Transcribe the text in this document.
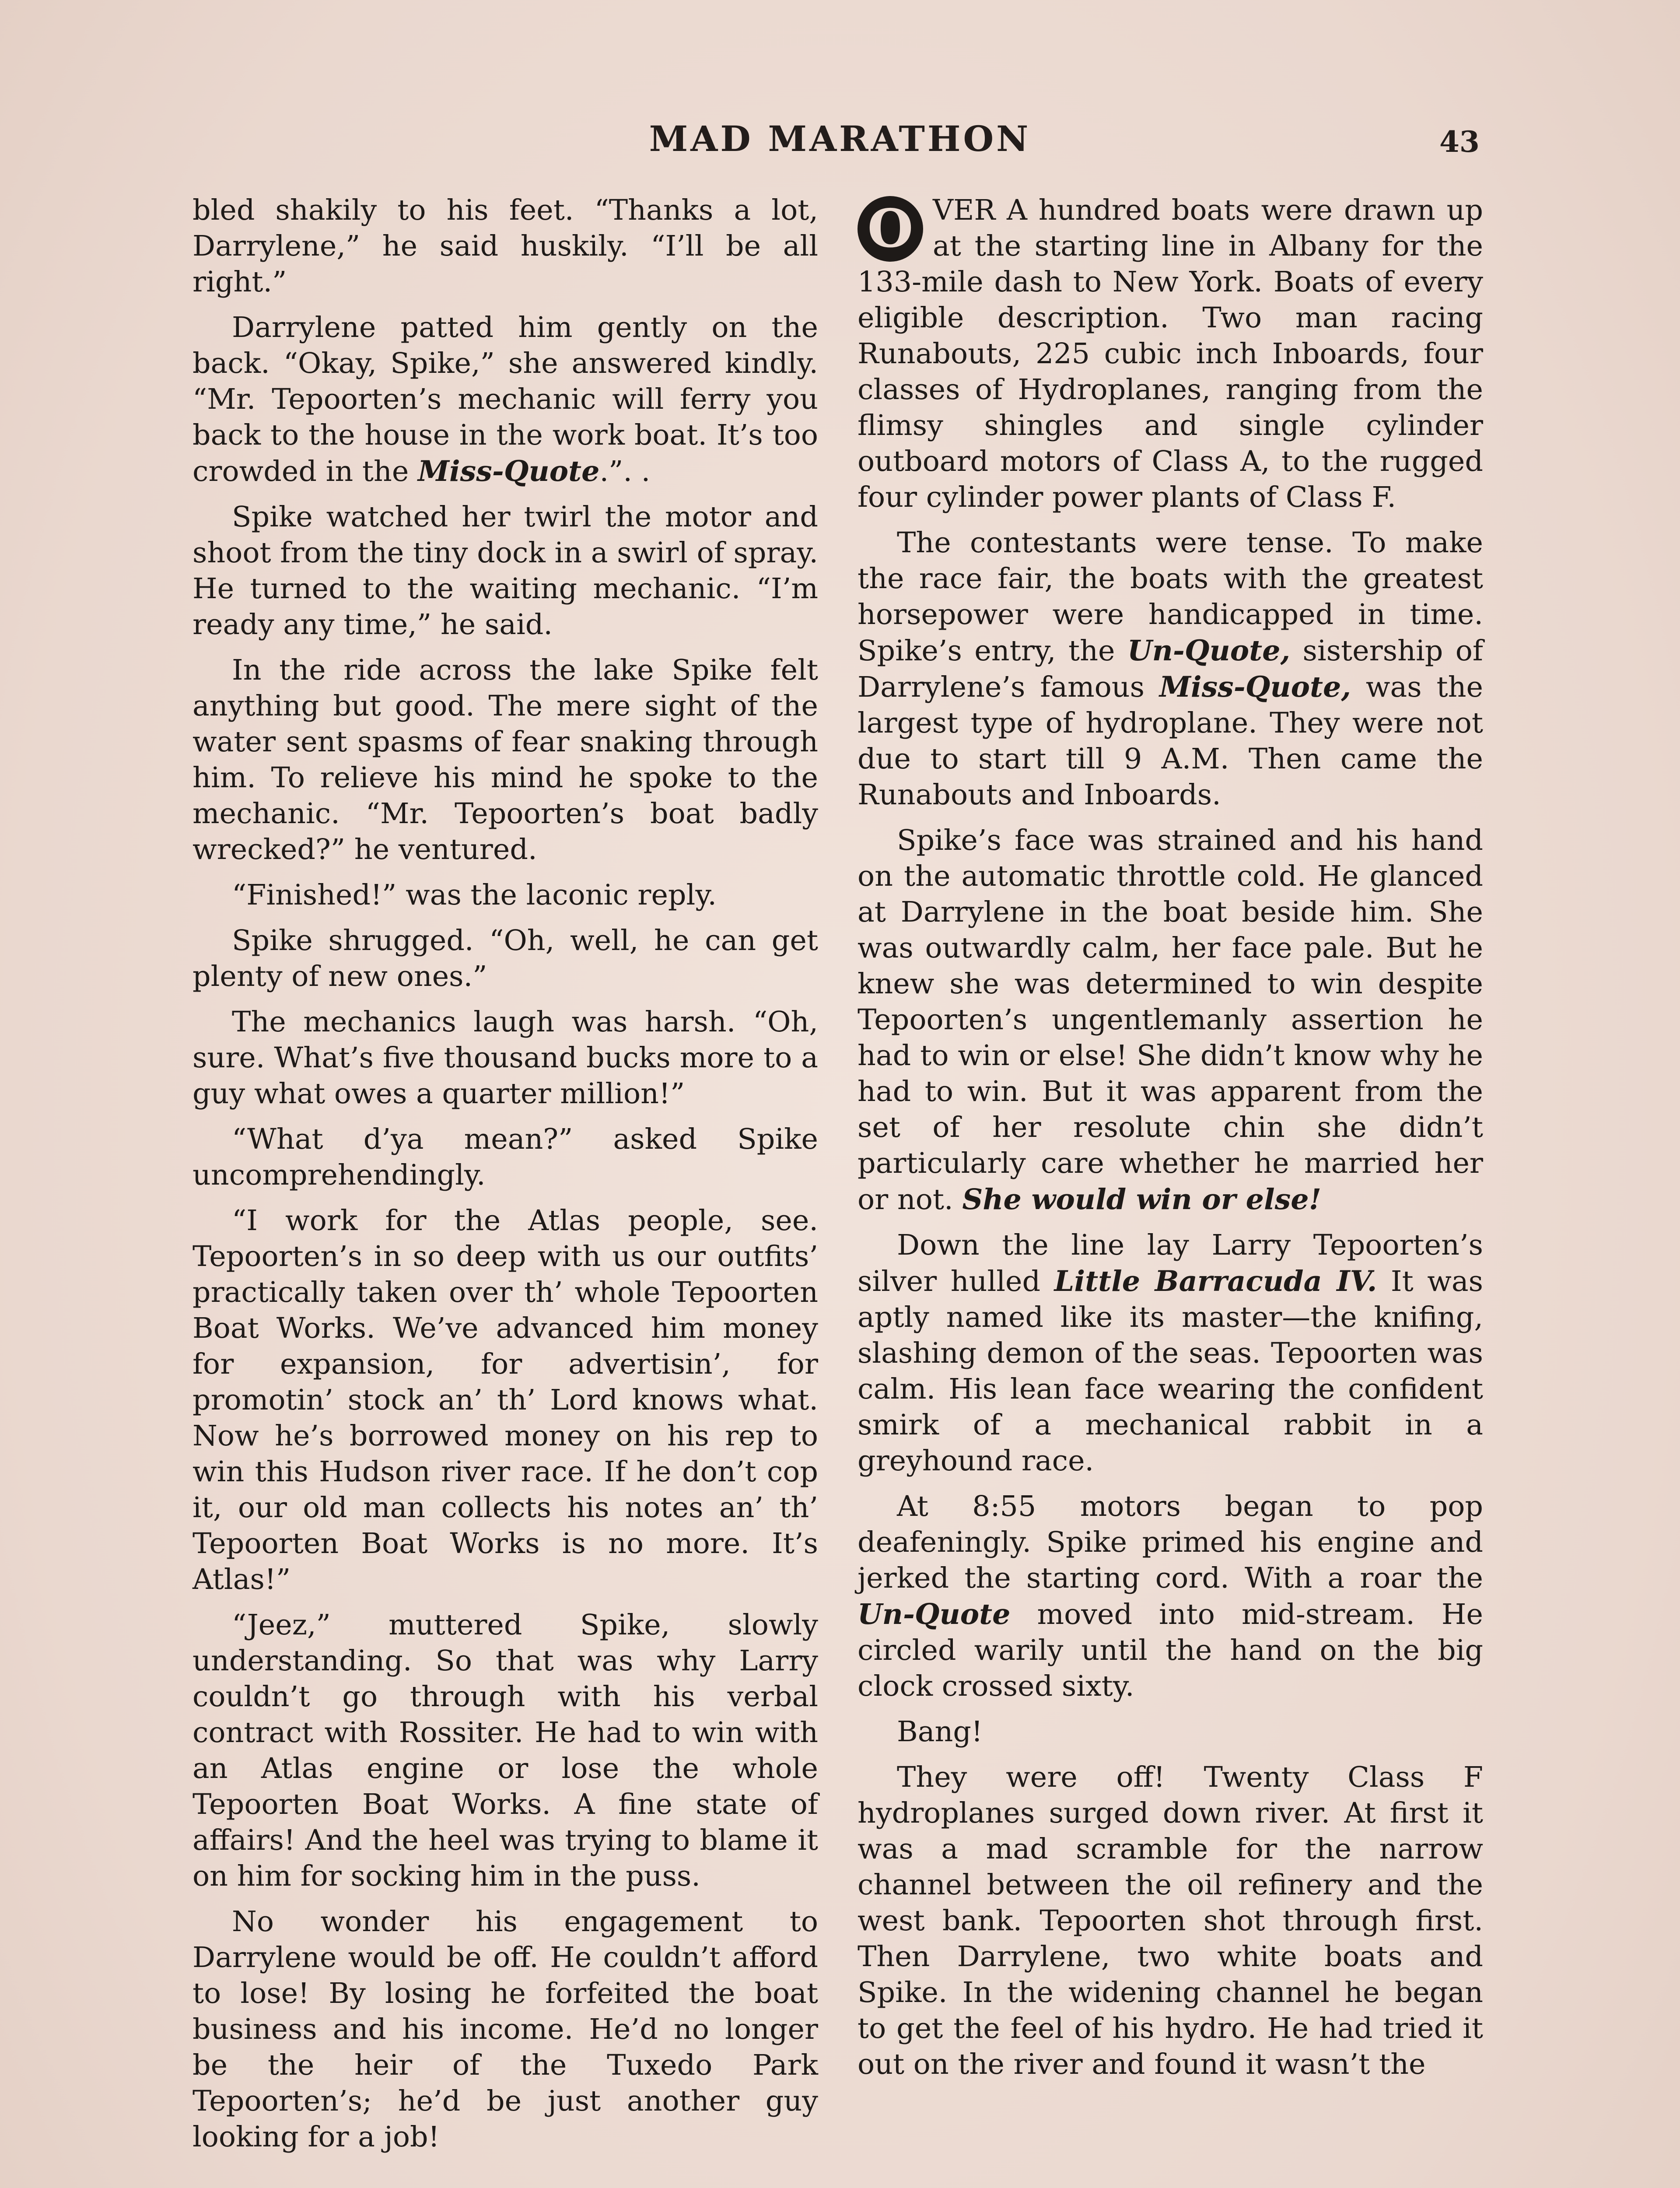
MAD MARATHON	43

bled shakily to his feet. “Thanks a lot, Darrylene,” he said huskily. “I’ll be all right.”

Darrylene patted him gently on the back. “Okay, Spike,” she answered kindly. “Mr. Tepoorten’s mechanic will ferry you back to the house in the work boat. It’s too crowded in the Miss-Quote.”. .

Spike watched her twirl the motor and shoot from the tiny dock in a swirl of spray. He turned to the waiting mechanic. “I’m ready any time,” he said.

In the ride across the lake Spike felt anything but good. The mere sight of the water sent spasms of fear snaking through him. To relieve his mind he spoke to the mechanic. “Mr. Tepoorten’s boat badly wrecked?” he ventured.

“Finished!” was the laconic reply.

Spike shrugged. “Oh, well, he can get plenty of new ones.”

The mechanics laugh was harsh. “Oh, sure. What’s five thousand bucks more to a guy what owes a quarter million!”

“What d’ya mean?” asked Spike uncomprehendingly.

“I work for the Atlas people, see. Tepoorten’s in so deep with us our outfits’ practically taken over th’ whole Tepoorten Boat Works. We’ve advanced him money for expansion, for advertisin’, for promotin’ stock an’ th’ Lord knows what. Now he’s borrowed money on his rep to win this Hudson river race. If he don’t cop it, our old man collects his notes an’ th’ Tepoorten Boat Works is no more. It’s Atlas!”

“Jeez,” muttered Spike, slowly understanding. So that was why Larry couldn’t go through with his verbal contract with Rossiter. He had to win with an Atlas engine or lose the whole Tepoorten Boat Works. A fine state of affairs! And the heel was trying to blame it on him for socking him in the puss.

No wonder his engagement to Darrylene would be off. He couldn’t afford to lose! By losing he forfeited the boat business and his income. He’d no longer be the heir of the Tuxedo Park Tepoorten’s; he’d be just another guy looking for a job!

O VER A hundred boats were drawn up at the starting line in Albany for the 133-mile dash to New York. Boats of every eligible description. Two man racing Runabouts, 225 cubic inch Inboards, four classes of Hydroplanes, ranging from the flimsy shingles and single cylinder outboard motors of Class A, to the rugged four cylinder power plants of Class F.

The contestants were tense. To make the race fair, the boats with the greatest horsepower were handicapped in time. Spike’s entry, the Un-Quote, sistership of Darrylene’s famous Miss-Quote, was the largest type of hydroplane. They were not due to start till 9 A.M. Then came the Runabouts and Inboards.

Spike’s face was strained and his hand on the automatic throttle cold. He glanced at Darrylene in the boat beside him. She was outwardly calm, her face pale. But he knew she was determined to win despite Tepoorten’s ungentlemanly assertion he had to win or else! She didn’t know why he had to win. But it was apparent from the set of her resolute chin she didn’t particularly care whether he married her or not. She would win or else!

Down the line lay Larry Tepoorten’s silver hulled Little Barracuda IV. It was aptly named like its master—the knifing, slashing demon of the seas. Tepoorten was calm. His lean face wearing the confident smirk of a mechanical rabbit in a greyhound race.

At 8:55 motors began to pop deafeningly. Spike primed his engine and jerked the starting cord. With a roar the Un-Quote moved into mid-stream. He circled warily until the hand on the big clock crossed sixty.

Bang!

They were off! Twenty Class F hydroplanes surged down river. At first it was a mad scramble for the narrow channel between the oil refinery and the west bank. Tepoorten shot through first. Then Darrylene, two white boats and Spike. In the widening channel he began to get the feel of his hydro. He had tried it out on the river and found it wasn’t the
